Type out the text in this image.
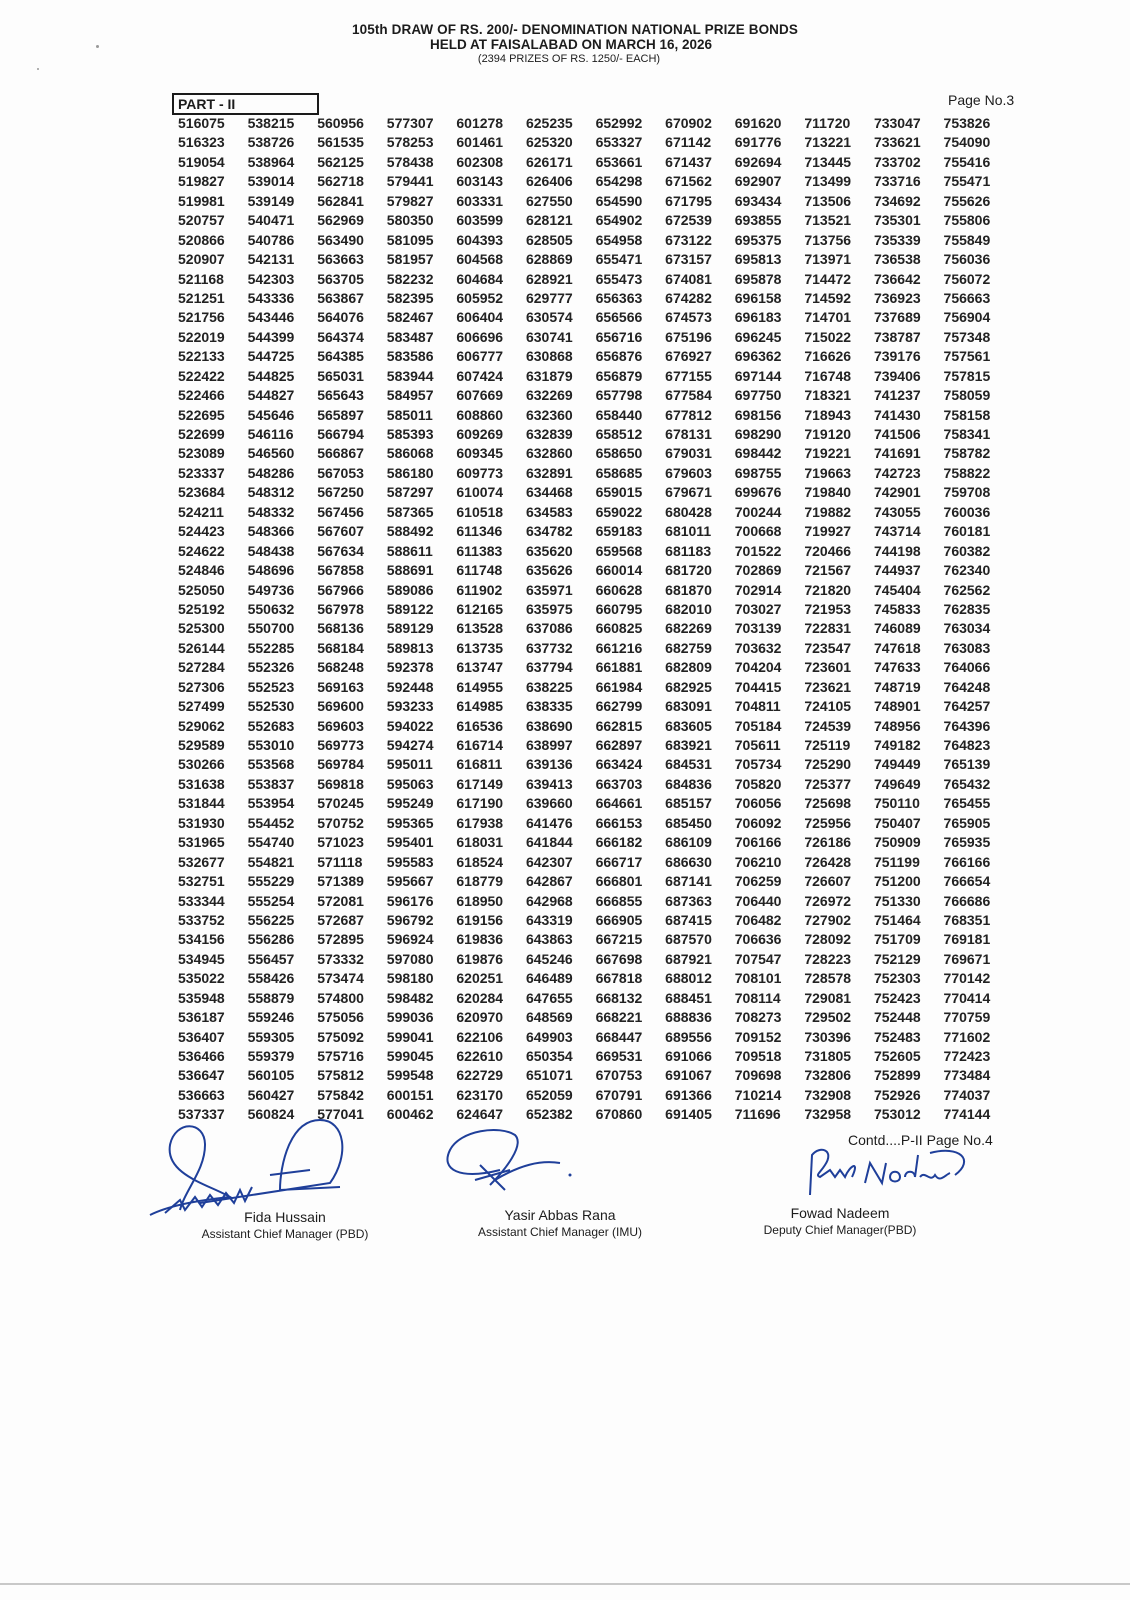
105th DRAW OF RS. 200/- DENOMINATION NATIONAL PRIZE BONDS
HELD AT FAISALABAD ON MARCH 16, 2026
(2394 PRIZES OF RS. 1250/- EACH)
PART - II	Page No.3
516075	538215	560956	577307	601278	625235	652992	670902	691620	711720	733047	753826
516323	538726	561535	578253	601461	625320	653327	671142	691776	713221	733621	754090
519054	538964	562125	578438	602308	626171	653661	671437	692694	713445	733702	755416
519827	539014	562718	579441	603143	626406	654298	671562	692907	713499	733716	755471
519981	539149	562841	579827	603331	627550	654590	671795	693434	713506	734692	755626
520757	540471	562969	580350	603599	628121	654902	672539	693855	713521	735301	755806
520866	540786	563490	581095	604393	628505	654958	673122	695375	713756	735339	755849
520907	542131	563663	581957	604568	628869	655471	673157	695813	713971	736538	756036
521168	542303	563705	582232	604684	628921	655473	674081	695878	714472	736642	756072
521251	543336	563867	582395	605952	629777	656363	674282	696158	714592	736923	756663
521756	543446	564076	582467	606404	630574	656566	674573	696183	714701	737689	756904
522019	544399	564374	583487	606696	630741	656716	675196	696245	715022	738787	757348
522133	544725	564385	583586	606777	630868	656876	676927	696362	716626	739176	757561
522422	544825	565031	583944	607424	631879	656879	677155	697144	716748	739406	757815
522466	544827	565643	584957	607669	632269	657798	677584	697750	718321	741237	758059
522695	545646	565897	585011	608860	632360	658440	677812	698156	718943	741430	758158
522699	546116	566794	585393	609269	632839	658512	678131	698290	719120	741506	758341
523089	546560	566867	586068	609345	632860	658650	679031	698442	719221	741691	758782
523337	548286	567053	586180	609773	632891	658685	679603	698755	719663	742723	758822
523684	548312	567250	587297	610074	634468	659015	679671	699676	719840	742901	759708
524211	548332	567456	587365	610518	634583	659022	680428	700244	719882	743055	760036
524423	548366	567607	588492	611346	634782	659183	681011	700668	719927	743714	760181
524622	548438	567634	588611	611383	635620	659568	681183	701522	720466	744198	760382
524846	548696	567858	588691	611748	635626	660014	681720	702869	721567	744937	762340
525050	549736	567966	589086	611902	635971	660628	681870	702914	721820	745404	762562
525192	550632	567978	589122	612165	635975	660795	682010	703027	721953	745833	762835
525300	550700	568136	589129	613528	637086	660825	682269	703139	722831	746089	763034
526144	552285	568184	589813	613735	637732	661216	682759	703632	723547	747618	763083
527284	552326	568248	592378	613747	637794	661881	682809	704204	723601	747633	764066
527306	552523	569163	592448	614955	638225	661984	682925	704415	723621	748719	764248
527499	552530	569600	593233	614985	638335	662799	683091	704811	724105	748901	764257
529062	552683	569603	594022	616536	638690	662815	683605	705184	724539	748956	764396
529589	553010	569773	594274	616714	638997	662897	683921	705611	725119	749182	764823
530266	553568	569784	595011	616811	639136	663424	684531	705734	725290	749449	765139
531638	553837	569818	595063	617149	639413	663703	684836	705820	725377	749649	765432
531844	553954	570245	595249	617190	639660	664661	685157	706056	725698	750110	765455
531930	554452	570752	595365	617938	641476	666153	685450	706092	725956	750407	765905
531965	554740	571023	595401	618031	641844	666182	686109	706166	726186	750909	765935
532677	554821	571118	595583	618524	642307	666717	686630	706210	726428	751199	766166
532751	555229	571389	595667	618779	642867	666801	687141	706259	726607	751200	766654
533344	555254	572081	596176	618950	642968	666855	687363	706440	726972	751330	766686
533752	556225	572687	596792	619156	643319	666905	687415	706482	727902	751464	768351
534156	556286	572895	596924	619836	643863	667215	687570	706636	728092	751709	769181
534945	556457	573332	597080	619876	645246	667698	687921	707547	728223	752129	769671
535022	558426	573474	598180	620251	646489	667818	688012	708101	728578	752303	770142
535948	558879	574800	598482	620284	647655	668132	688451	708114	729081	752423	770414
536187	559246	575056	599036	620970	648569	668221	688836	708273	729502	752448	770759
536407	559305	575092	599041	622106	649903	668447	689556	709152	730396	752483	771602
536466	559379	575716	599045	622610	650354	669531	691066	709518	731805	752605	772423
536647	560105	575812	599548	622729	651071	670753	691067	709698	732806	752899	773484
536663	560427	575842	600151	623170	652059	670791	691366	710214	732908	752926	774037
537337	560824	577041	600462	624647	652382	670860	691405	711696	732958	753012	774144
Contd....P-II Page No.4
Fida Hussain
Assistant Chief Manager (PBD)
Yasir Abbas Rana
Assistant Chief Manager (IMU)
Fowad Nadeem
Deputy Chief Manager(PBD)
